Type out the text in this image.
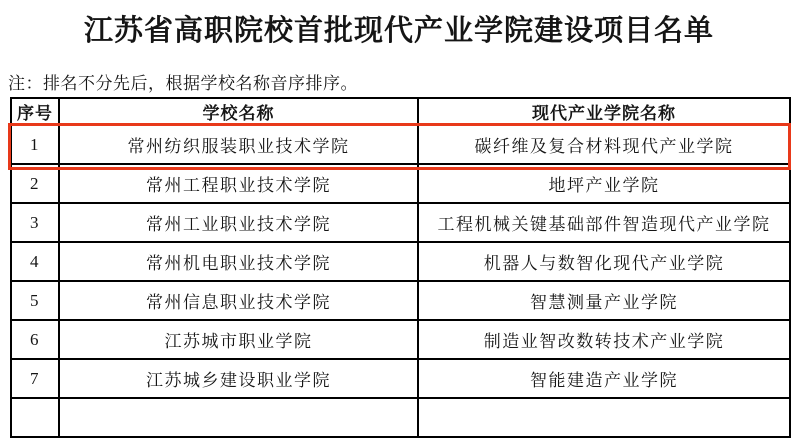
江苏省高职院校首批现代产业学院建设项目名单

注：排名不分先后，根据学校名称音序排序。

序号	学校名称	现代产业学院名称
1	常州纺织服装职业技术学院	碳纤维及复合材料现代产业学院
2	常州工程职业技术学院	地坪产业学院
3	常州工业职业技术学院	工程机械关键基础部件智造现代产业学院
4	常州机电职业技术学院	机器人与数智化现代产业学院
5	常州信息职业技术学院	智慧测量产业学院
6	江苏城市职业学院	制造业智改数转技术产业学院
7	江苏城乡建设职业学院	智能建造产业学院
